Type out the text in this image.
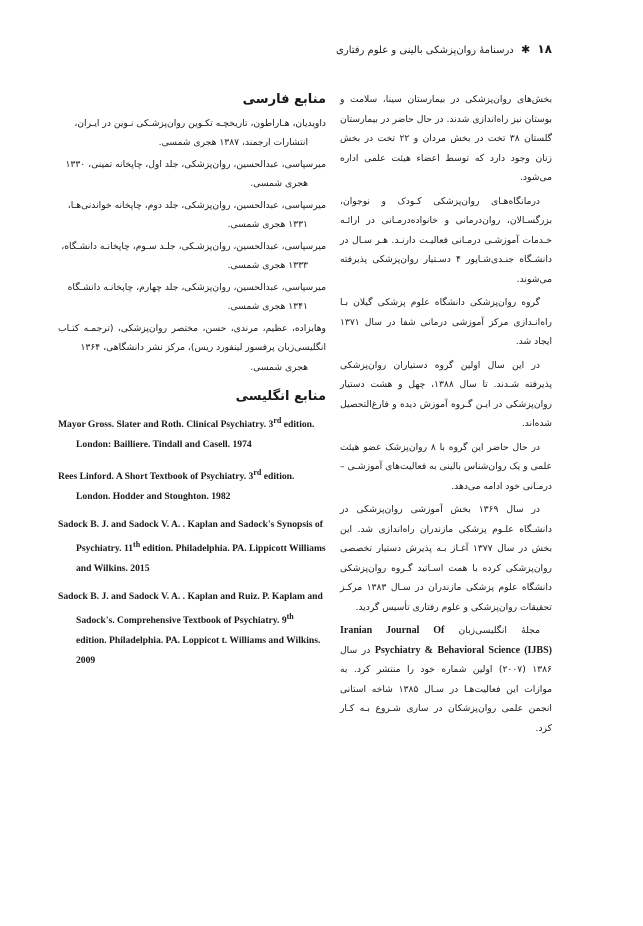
۱۸ ✱ درسنامهٔ روان‌پزشکی بالینی و علوم رفتاری

بخش‌های روان‌پزشکی در بیمارستان سینا، سلامت و بوستان نیز راه‌اندازی شدند. در حال حاضر در بیمارستان گلستان ۳۸ تخت در بخش مردان و ۲۲ تخت در بخش زنان وجود دارد که توسط اعضاء هیئت علمی اداره می‌شود.

درمانگاه‌هـای روان‌پزشکی کـودک و نوجوان، بزرگسـالان، روان‌درمانی و خانواده‌درمـانی در ارائـه خـدمات آموزشـی درمـانی فعالیـت دارنـد. هـر سـال در دانشـگاه جنـدی‌شـاپور ۴ دسـتیار روان‌پزشکی پذیرفته می‌شوند.

گروه روان‌پزشکی دانشگاه علوم پزشکی گیلان بـا راه‌انـدازی مرکز آموزشی درمانی شفا در سال ۱۳۷۱ ایجاد شد.

در این سال اولین گروه دستیاران روان‌پزشکی پذیرفته شـدند. تا سال ۱۳۸۸، چهل و هشت دستیار روان‌پزشکی در ایـن گـروه آموزش دیده و فارغ‌التحصیل شده‌اند.

در حال حاضر این گروه با ۸ روان‌پزشک عضو هیئت علمی و یک روان‌شناس بالینی به فعالیت‌های آموزشـی – درمـانی خود ادامه می‌دهد.

در سال ۱۳۶۹ بخش آموزشی روان‌پزشکی در دانشـگاه علـوم پزشکی مازندران راه‌اندازی شد. این بخش در سال ۱۳۷۷ آغـاز بـه پذیرش دستیار تخصصی روان‌پزشکی کرده با همت اسـاتید گـروه روان‌پزشکی دانشگاه علوم پزشکی مازندران در سـال ۱۳۸۳ مرکـز تحقیقات روان‌پزشکی و علوم رفتاری تأسیس گردید.

مجلهٔ انگلیسی‌زبان Iranian Journal Of Psychiatry & Behavioral Science (IJBS) در سال ۱۳۸۶ (۲۰۰۷) اولین شماره خود را منتشر کرد. به موازات این فعالیت‌هـا در سـال ۱۳۸۵ شاخه استانی انجمن علمی روان‌پزشکان در ساری شـروع بـه کـار کرد.

منابع فارسی

داویدیان، هـاراطون، تاریخچـه تکـوین روان‌پزشـکی نـوین در ایـران،
انتشارات ارجمند، ۱۳۸۷ هجری شمسی.

میرسپاسی، عبدالحسین، روان‌پزشکی، جلد اول، چاپخانه تمینی، ۱۳۳۰
هجری شمسی.

میرسپاسی، عبدالحسین، روان‌پزشکی، جلد دوم، چاپخانه خواندنی‌هـا،
۱۳۳۱ هجری شمسی.

میرسپاسی، عبدالحسین، روان‌پزشـکی، جلـد سـوم، چاپخانـه دانشـگاه،
۱۳۳۳ هجری شمسی.

میرسپاسی، عبدالحسین، روان‌پزشکی، جلد چهارم، چاپخانـه دانشـگاه
۱۳۴۱ هجری شمسی.

وهابزاده، عظیم، مرندی، حسن، مختصر روان‌پزشکی، (ترجمـه کتـاب انگلیسی‌زبان پرفسور لینفورد ریس)، مرکز نشر دانشگاهی، ۱۳۶۴
هجری شمسی.

منابع انگلیسی

Mayor Gross. Slater and Roth. Clinical Psychiatry. 3rd edition. London: Bailliere. Tindall and Casell. 1974

Rees Linford. A Short Textbook of Psychiatry. 3rd edition. London. Hodder and Stoughton. 1982

Sadock B. J. and Sadock V. A. . Kaplan and Sadock's Synopsis of Psychiatry. 11th edition. Philadelphia. PA. Lippicott Williams and Wilkins. 2015

Sadock B. J. and Sadock V. A. . Kaplan and Ruiz. P. Kaplam and Sadock's. Comprehensive Textbook of Psychiatry. 9th edition. Philadelphia. PA. Loppicot t. Williams and Wilkins. 2009
